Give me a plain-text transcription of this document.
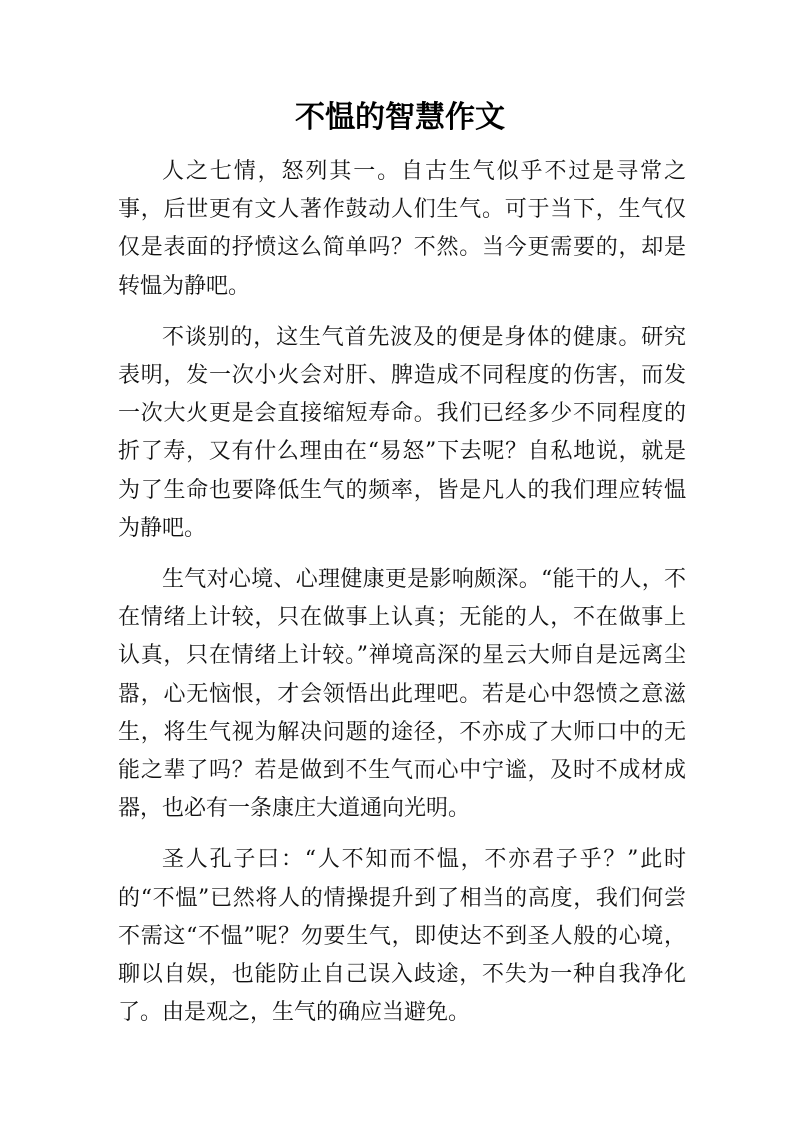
不愠的智慧作文

人之七情，怒列其一。自古生气似乎不过是寻常之事，后世更有文人著作鼓动人们生气。可于当下，生气仅仅是表面的抒愤这么简单吗？不然。当今更需要的，却是转愠为静吧。

不谈别的，这生气首先波及的便是身体的健康。研究表明，发一次小火会对肝、脾造成不同程度的伤害，而发一次大火更是会直接缩短寿命。我们已经多少不同程度的折了寿，又有什么理由在“易怒”下去呢？自私地说，就是为了生命也要降低生气的频率，皆是凡人的我们理应转愠为静吧。

生气对心境、心理健康更是影响颇深。“能干的人，不在情绪上计较，只在做事上认真；无能的人，不在做事上认真，只在情绪上计较。”禅境高深的星云大师自是远离尘嚣，心无恼恨，才会领悟出此理吧。若是心中怨愤之意滋生，将生气视为解决问题的途径，不亦成了大师口中的无能之辈了吗？若是做到不生气而心中宁谧，及时不成材成器，也必有一条康庄大道通向光明。

圣人孔子曰：“人不知而不愠，不亦君子乎？”此时的“不愠”已然将人的情操提升到了相当的高度，我们何尝不需这“不愠”呢？勿要生气，即使达不到圣人般的心境，聊以自娱，也能防止自己误入歧途，不失为一种自我净化了。由是观之，生气的确应当避免。
